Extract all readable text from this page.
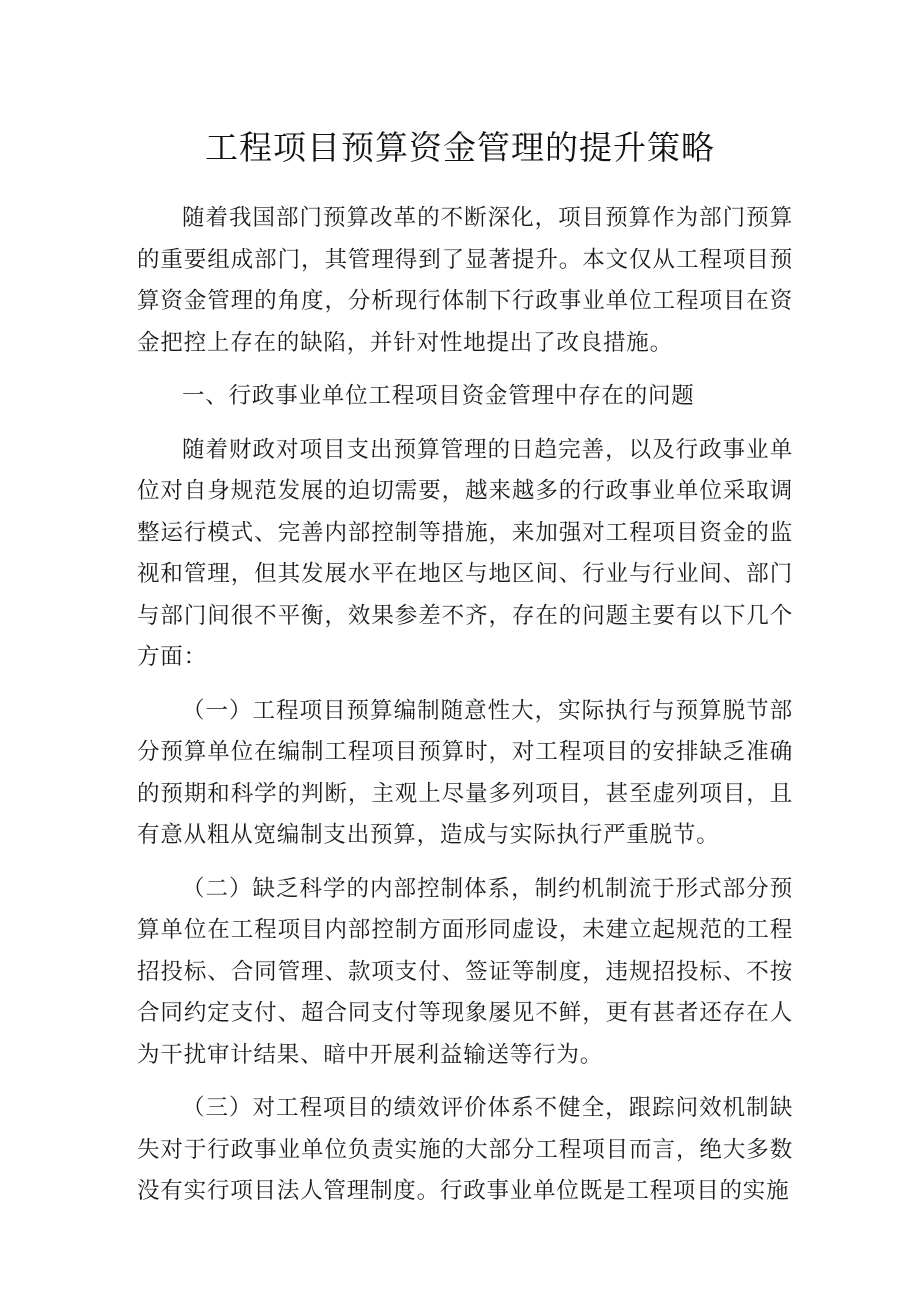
工程项目预算资金管理的提升策略

随着我国部门预算改革的不断深化，项目预算作为部门预算的重要组成部门，其管理得到了显著提升。本文仅从工程项目预算资金管理的角度，分析现行体制下行政事业单位工程项目在资金把控上存在的缺陷，并针对性地提出了改良措施。

一、行政事业单位工程项目资金管理中存在的问题

随着财政对项目支出预算管理的日趋完善，以及行政事业单位对自身规范发展的迫切需要，越来越多的行政事业单位采取调整运行模式、完善内部控制等措施，来加强对工程项目资金的监视和管理，但其发展水平在地区与地区间、行业与行业间、部门与部门间很不平衡，效果参差不齐，存在的问题主要有以下几个方面：

（一）工程项目预算编制随意性大，实际执行与预算脱节部分预算单位在编制工程项目预算时，对工程项目的安排缺乏准确的预期和科学的判断，主观上尽量多列项目，甚至虚列项目，且有意从粗从宽编制支出预算，造成与实际执行严重脱节。

（二）缺乏科学的内部控制体系，制约机制流于形式部分预算单位在工程项目内部控制方面形同虚设，未建立起规范的工程招投标、合同管理、款项支付、签证等制度，违规招投标、不按合同约定支付、超合同支付等现象屡见不鲜，更有甚者还存在人为干扰审计结果、暗中开展利益输送等行为。

（三）对工程项目的绩效评价体系不健全，跟踪问效机制缺失对于行政事业单位负责实施的大部分工程项目而言，绝大多数没有实行项目法人管理制度。行政事业单位既是工程项目的实施
